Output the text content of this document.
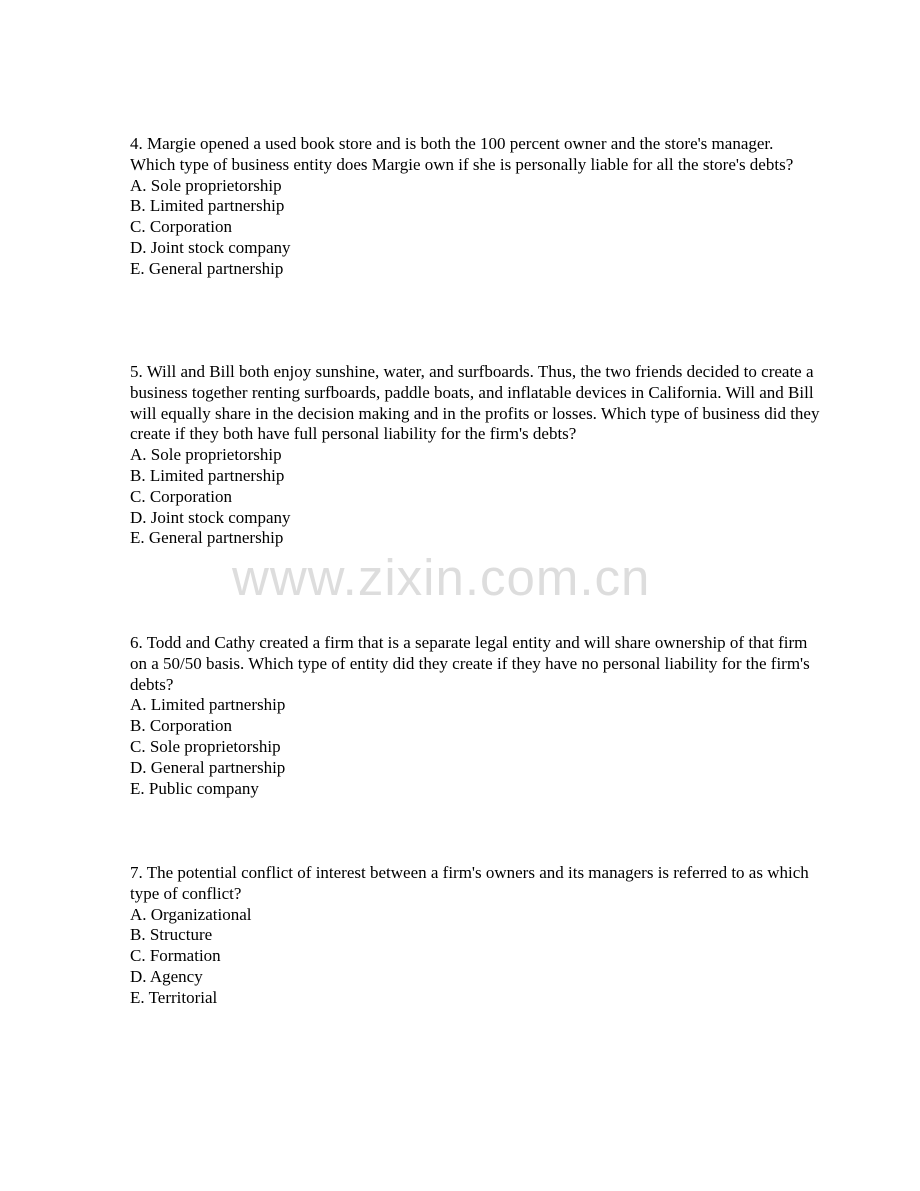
4. Margie opened a used book store and is both the 100 percent owner and the store's manager. Which type of business entity does Margie own if she is personally liable for all the store's debts?

A. Sole proprietorship

B. Limited partnership

C. Corporation

D. Joint stock company

E. General partnership

5. Will and Bill both enjoy sunshine, water, and surfboards. Thus, the two friends decided to create a business together renting surfboards, paddle boats, and inflatable devices in California. Will and Bill will equally share in the decision making and in the profits or losses. Which type of business did they create if they both have full personal liability for the firm's debts?

A. Sole proprietorship

B. Limited partnership

C. Corporation

D. Joint stock company

E. General partnership

6. Todd and Cathy created a firm that is a separate legal entity and will share ownership of that firm on a 50/50 basis. Which type of entity did they create if they have no personal liability for the firm's debts?

A. Limited partnership

B. Corporation

C. Sole proprietorship

D. General partnership

E. Public company

7. The potential conflict of interest between a firm's owners and its managers is referred to as which type of conflict?

A. Organizational

B. Structure

C. Formation

D. Agency

E. Territorial

www.zixin.com.cn
